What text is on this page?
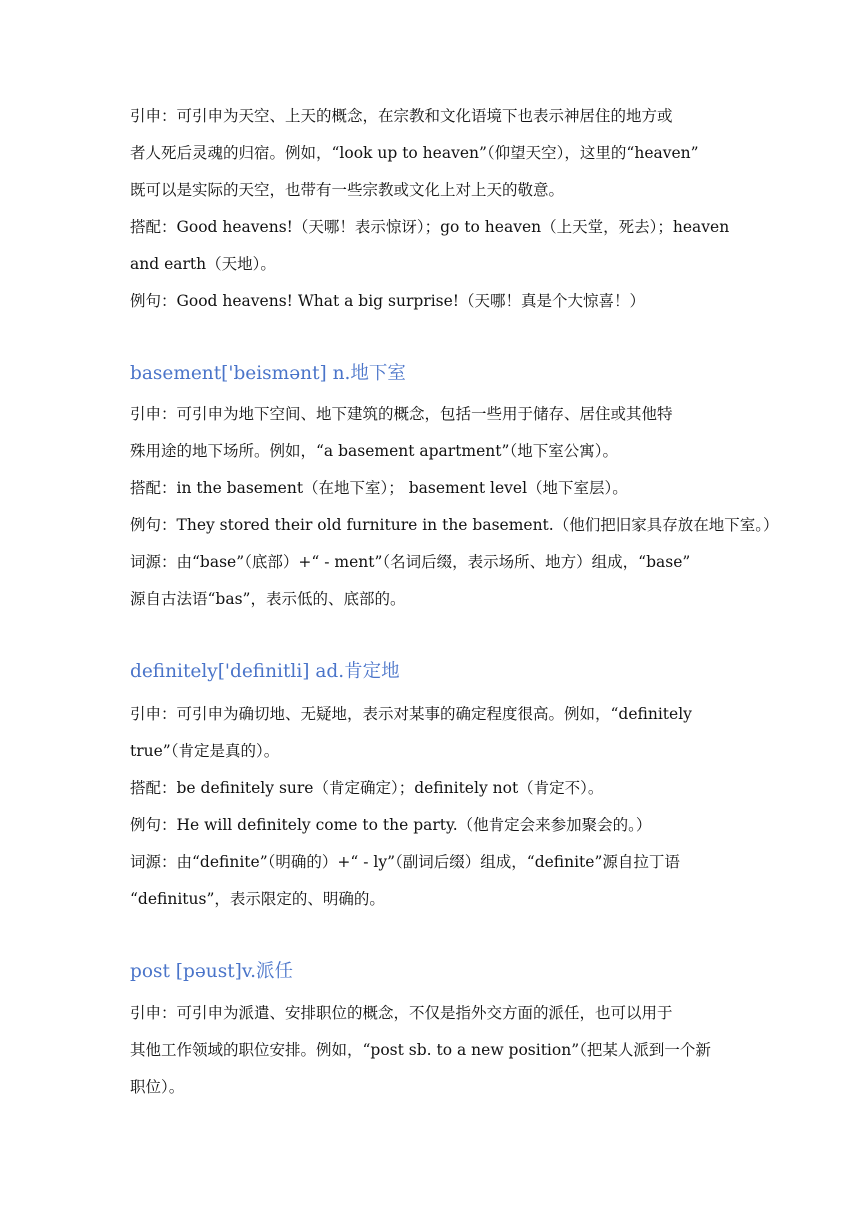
引申：可引申为天空、上天的概念，在宗教和文化语境下也表示神居住的地方或
者人死后灵魂的归宿。例如，“look up to heaven”（仰望天空），这里的“heaven”
既可以是实际的天空，也带有一些宗教或文化上对上天的敬意。
搭配：Good heavens!（天哪！表示惊讶）；go to heaven（上天堂，死去）；heaven
and earth（天地）。
例句：Good heavens! What a big surprise!（天哪！真是个大惊喜！）
basement['beismənt] n.地下室
引申：可引申为地下空间、地下建筑的概念，包括一些用于储存、居住或其他特
殊用途的地下场所。例如，“a basement apartment”（地下室公寓）。
搭配：in the basement（在地下室）； basement level（地下室层）。
例句：They stored their old furniture in the basement.（他们把旧家具存放在地下室。）
词源：由“base”（底部）+“ - ment”（名词后缀，表示场所、地方）组成，“base”
源自古法语“bas”，表示低的、底部的。
definitely['definitli] ad.肯定地
引申：可引申为确切地、无疑地，表示对某事的确定程度很高。例如，“definitely
true”（肯定是真的）。
搭配：be definitely sure（肯定确定）；definitely not（肯定不）。
例句：He will definitely come to the party.（他肯定会来参加聚会的。）
词源：由“definite”（明确的）+“ - ly”（副词后缀）组成，“definite”源自拉丁语
“definitus”，表示限定的、明确的。
post [pəust]v.派任
引申：可引申为派遣、安排职位的概念，不仅是指外交方面的派任，也可以用于
其他工作领域的职位安排。例如，“post sb. to a new position”（把某人派到一个新
职位）。
